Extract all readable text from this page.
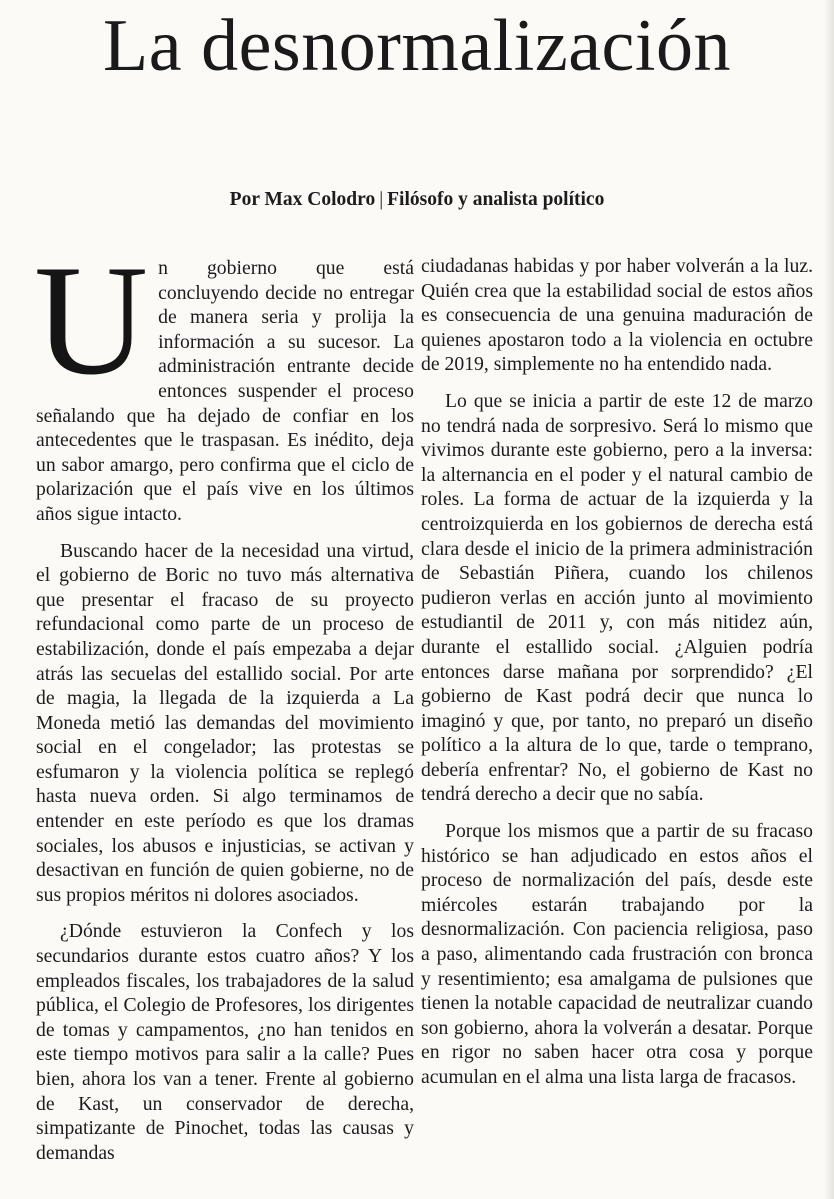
La desnormalización
Por Max Colodro | Filósofo y analista político

Un gobierno que está concluyendo decide no entregar de manera seria y prolija la información a su sucesor. La administración entrante decide entonces suspender el proceso señalando que ha dejado de confiar en los antecedentes que le traspasan. Es inédito, deja un sabor amargo, pero confirma que el ciclo de polarización que el país vive en los últimos años sigue intacto.

Buscando hacer de la necesidad una virtud, el gobierno de Boric no tuvo más alternativa que presentar el fracaso de su proyecto refundacional como parte de un proceso de estabilización, donde el país empezaba a dejar atrás las secuelas del estallido social. Por arte de magia, la llegada de la izquierda a La Moneda metió las demandas del movimiento social en el congelador; las protestas se esfumaron y la violencia política se replegó hasta nueva orden. Si algo terminamos de entender en este período es que los dramas sociales, los abusos e injusticias, se activan y desactivan en función de quien gobierne, no de sus propios méritos ni dolores asociados.

¿Dónde estuvieron la Confech y los secundarios durante estos cuatro años? Y los empleados fiscales, los trabajadores de la salud pública, el Colegio de Profesores, los dirigentes de tomas y campamentos, ¿no han tenidos en este tiempo motivos para salir a la calle? Pues bien, ahora los van a tener. Frente al gobierno de Kast, un conservador de derecha, simpatizante de Pinochet, todas las causas y demandas

ciudadanas habidas y por haber volverán a la luz. Quién crea que la estabilidad social de estos años es consecuencia de una genuina maduración de quienes apostaron todo a la violencia en octubre de 2019, simplemente no ha entendido nada.

Lo que se inicia a partir de este 12 de marzo no tendrá nada de sorpresivo. Será lo mismo que vivimos durante este gobierno, pero a la inversa: la alternancia en el poder y el natural cambio de roles. La forma de actuar de la izquierda y la centroizquierda en los gobiernos de derecha está clara desde el inicio de la primera administración de Sebastián Piñera, cuando los chilenos pudieron verlas en acción junto al movimiento estudiantil de 2011 y, con más nitidez aún, durante el estallido social. ¿Alguien podría entonces darse mañana por sorprendido? ¿El gobierno de Kast podrá decir que nunca lo imaginó y que, por tanto, no preparó un diseño político a la altura de lo que, tarde o temprano, debería enfrentar? No, el gobierno de Kast no tendrá derecho a decir que no sabía.

Porque los mismos que a partir de su fracaso histórico se han adjudicado en estos años el proceso de normalización del país, desde este miércoles estarán trabajando por la desnormalización. Con paciencia religiosa, paso a paso, alimentando cada frustración con bronca y resentimiento; esa amalgama de pulsiones que tienen la notable capacidad de neutralizar cuando son gobierno, ahora la volverán a desatar. Porque en rigor no saben hacer otra cosa y porque acumulan en el alma una lista larga de fracasos.
